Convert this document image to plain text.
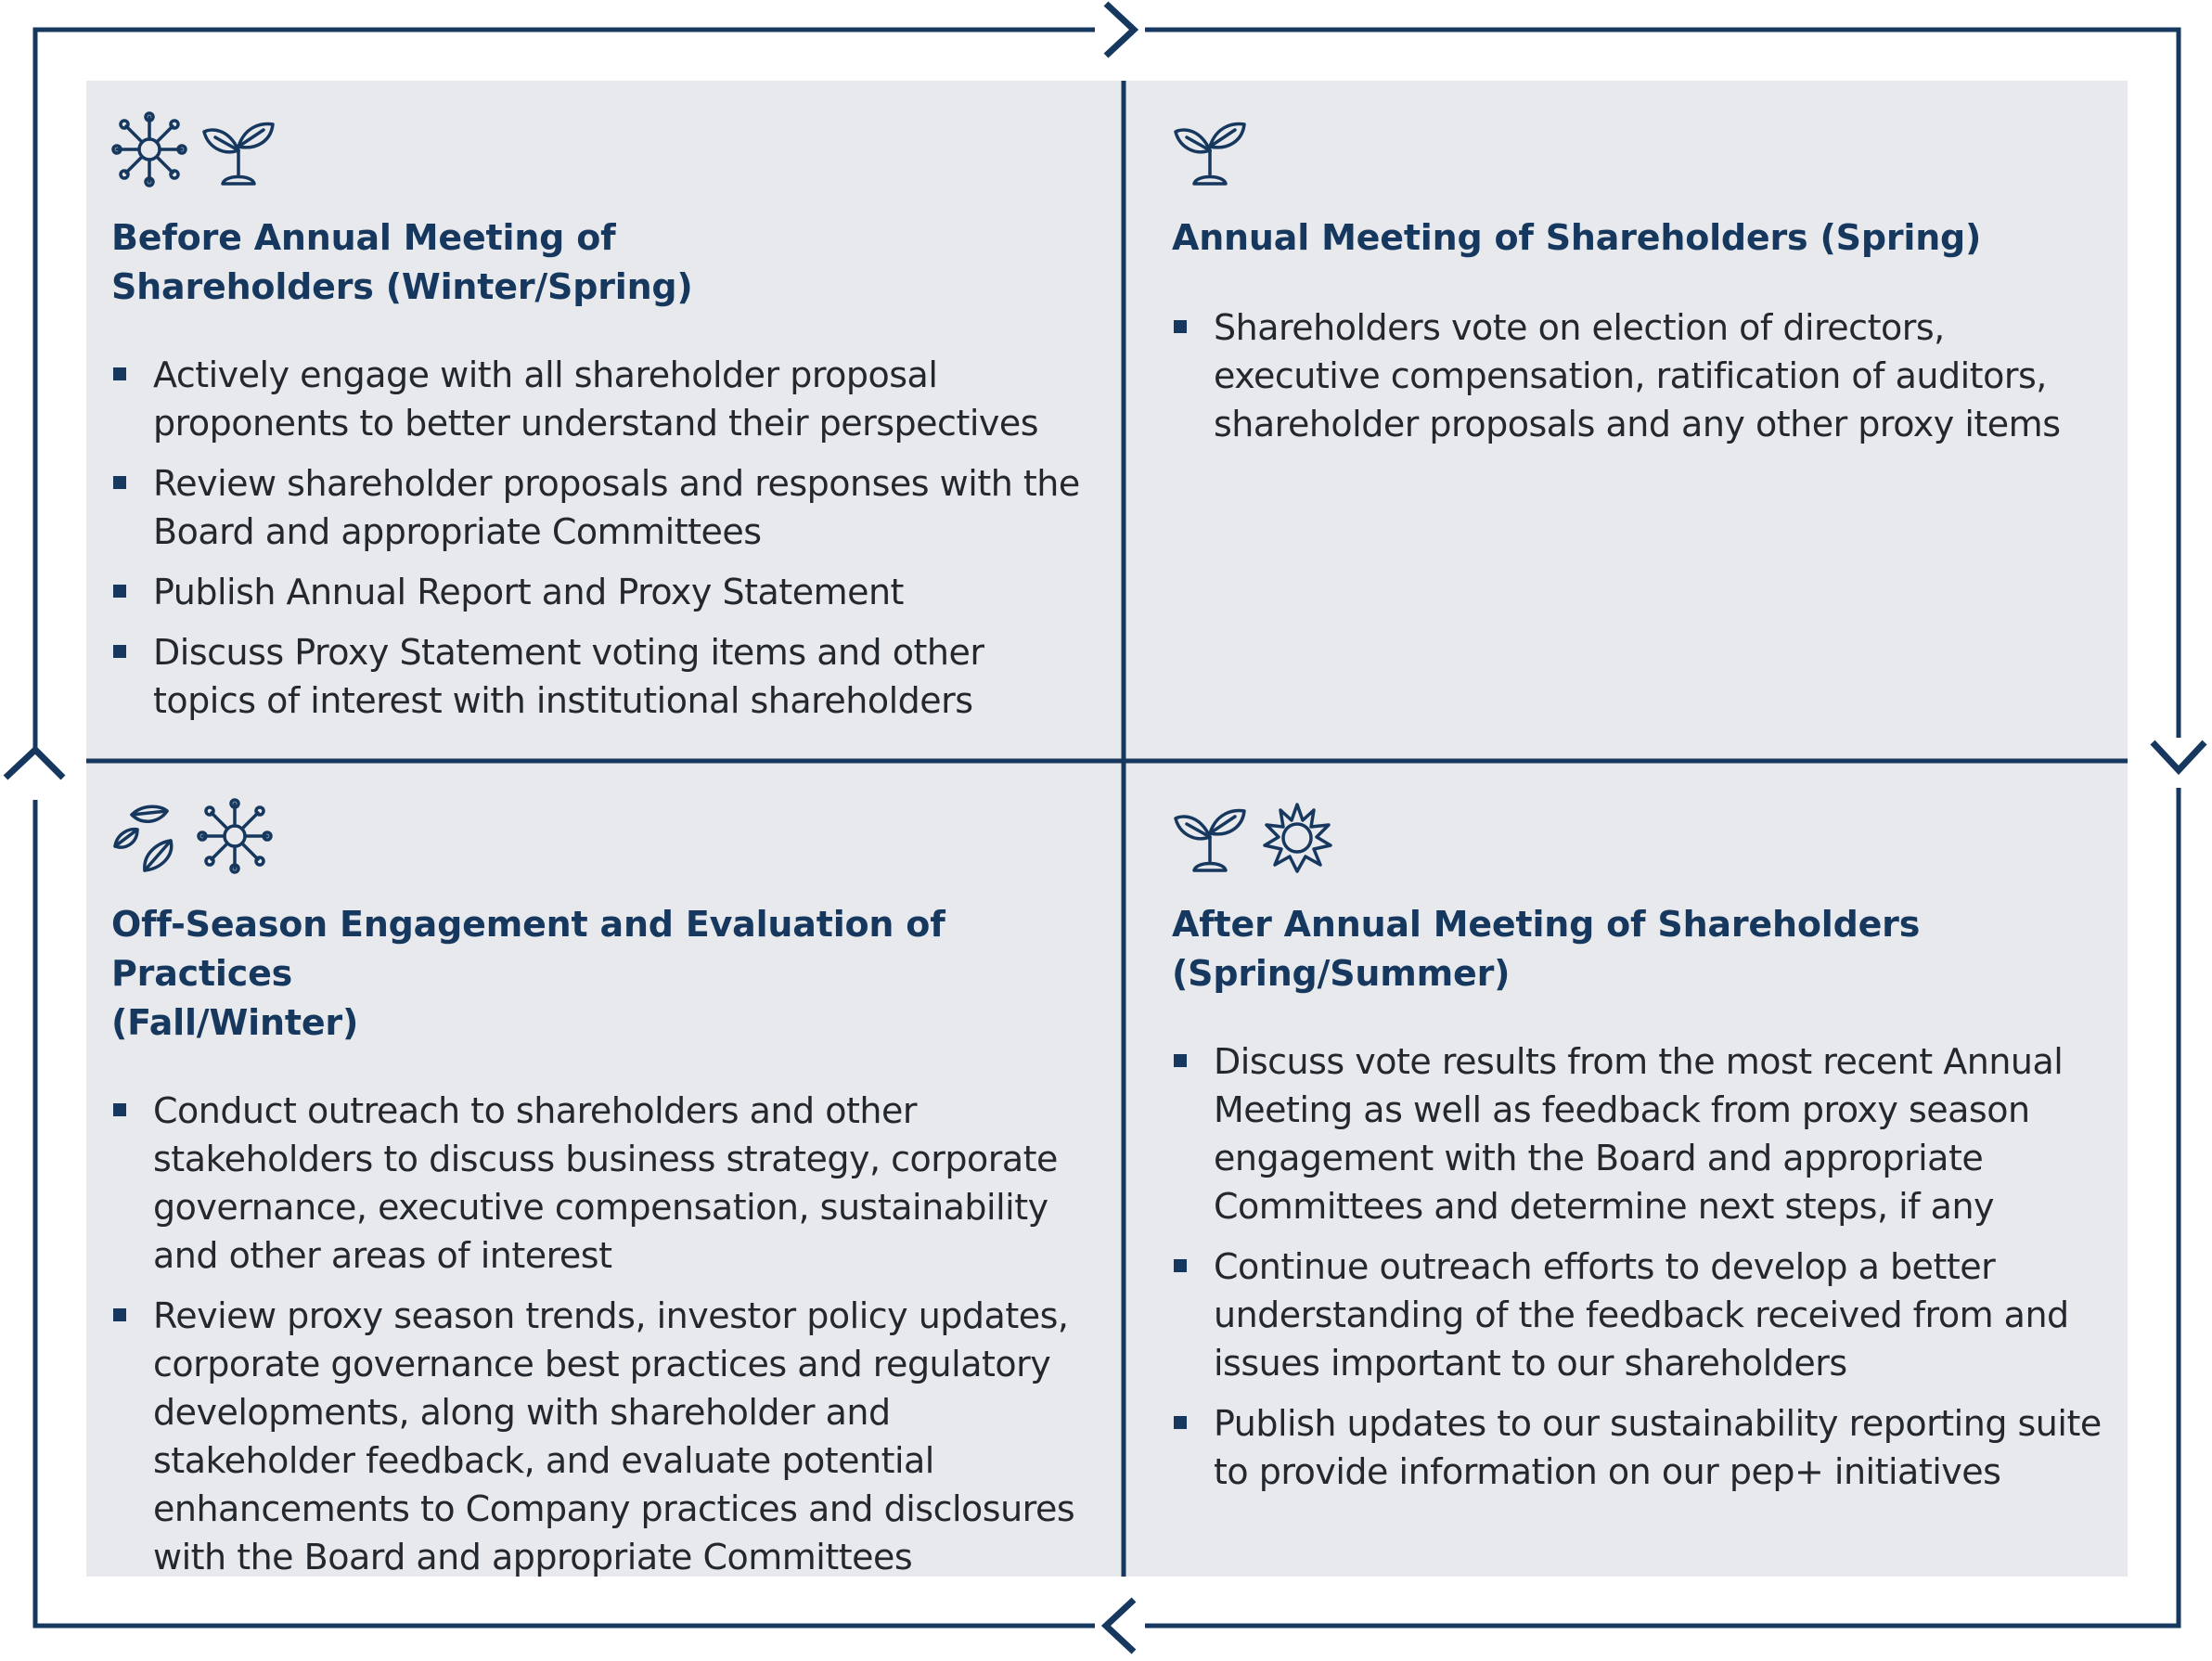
Before Annual Meeting of
Shareholders (Winter/Spring)
Actively engage with all shareholder proposal proponents to better understand their perspectives
Review shareholder proposals and responses with the Board and appropriate Committees
Publish Annual Report and Proxy Statement
Discuss Proxy Statement voting items and other topics of interest with institutional shareholders
Annual Meeting of Shareholders (Spring)
Shareholders vote on election of directors, executive compensation, ratification of auditors, shareholder proposals and any other proxy items
Off-Season Engagement and Evaluation of Practices
(Fall/Winter)
Conduct outreach to shareholders and other stakeholders to discuss business strategy, corporate governance, executive compensation, sustainability and other areas of interest
Review proxy season trends, investor policy updates, corporate governance best practices and regulatory developments, along with shareholder and stakeholder feedback, and evaluate potential enhancements to Company practices and disclosures with the Board and appropriate Committees
After Annual Meeting of Shareholders
(Spring/Summer)
Discuss vote results from the most recent Annual Meeting as well as feedback from proxy season engagement with the Board and appropriate Committees and determine next steps, if any
Continue outreach efforts to develop a better understanding of the feedback received from and issues important to our shareholders
Publish updates to our sustainability reporting suite to provide information on our pep+ initiatives
